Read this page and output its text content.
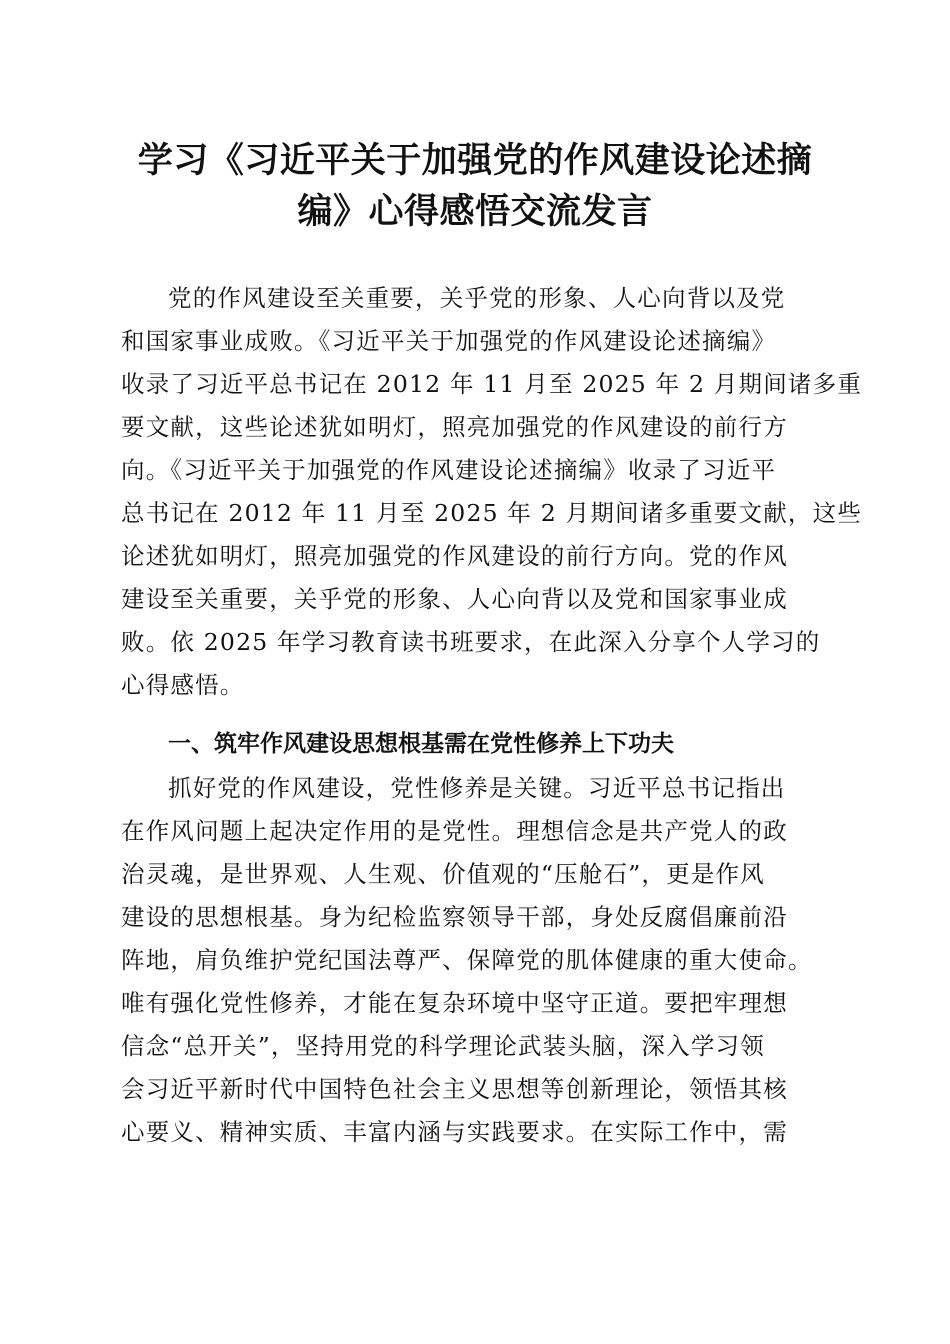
学习《习近平关于加强党的作风建设论述摘
编》心得感悟交流发言
党的作风建设至关重要，关乎党的形象、人心向背以及党
和国家事业成败。《习近平关于加强党的作风建设论述摘编》
收录了习近平总书记在 2012 年 11 月至 2025 年 2 月期间诸多重
要文献，这些论述犹如明灯，照亮加强党的作风建设的前行方
向。《习近平关于加强党的作风建设论述摘编》收录了习近平
总书记在 2012 年 11 月至 2025 年 2 月期间诸多重要文献，这些
论述犹如明灯，照亮加强党的作风建设的前行方向。党的作风
建设至关重要，关乎党的形象、人心向背以及党和国家事业成
败。依 2025 年学习教育读书班要求，在此深入分享个人学习的
心得感悟。
一、筑牢作风建设思想根基需在党性修养上下功夫
抓好党的作风建设，党性修养是关键。习近平总书记指出
在作风问题上起决定作用的是党性。理想信念是共产党人的政
治灵魂，是世界观、人生观、价值观的“压舱石”，更是作风
建设的思想根基。身为纪检监察领导干部，身处反腐倡廉前沿
阵地，肩负维护党纪国法尊严、保障党的肌体健康的重大使命。
唯有强化党性修养，才能在复杂环境中坚守正道。要把牢理想
信念“总开关”，坚持用党的科学理论武装头脑，深入学习领
会习近平新时代中国特色社会主义思想等创新理论，领悟其核
心要义、精神实质、丰富内涵与实践要求。在实际工作中，需
